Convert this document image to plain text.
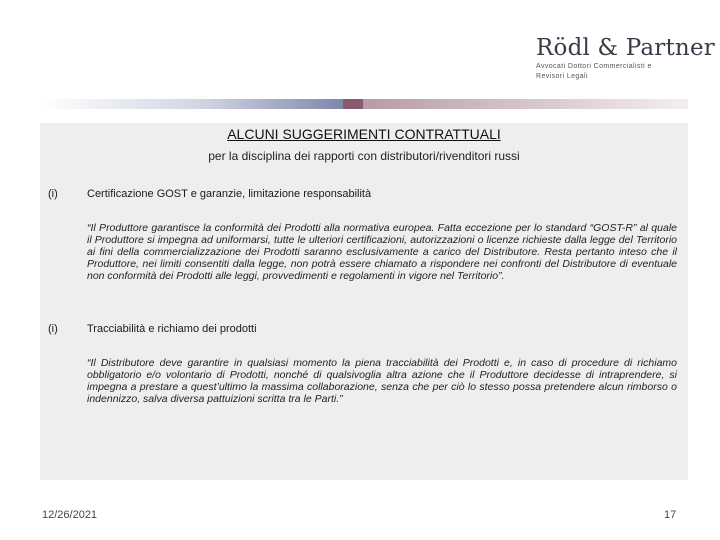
Rödl & Partner
Avvocati Dottori Commercialisti e
Revisori Legali
ALCUNI SUGGERIMENTI CONTRATTUALI
per la disciplina dei rapporti con distributori/rivenditori russi
(i)	Certificazione GOST e garanzie, limitazione responsabilità
“Il Produttore garantisce la conformità dei Prodotti alla normativa europea. Fatta eccezione per lo standard “GOST-R” al quale il Produttore si impegna ad uniformarsi, tutte le ulteriori certificazioni, autorizzazioni o licenze richieste dalla legge del Territorio ai fini della commercializzazione dei Prodotti saranno esclusivamente a carico del Distributore. Resta pertanto inteso che il Produttore, nei limiti consentiti dalla legge, non potrà essere chiamato a rispondere nei confronti del Distributore di eventuale non conformità dei Prodotti alle leggi, provvedimenti e regolamenti in vigore nel Territorio”.
(i)	Tracciabilità e richiamo dei prodotti
“Il Distributore deve garantire in qualsiasi momento la piena tracciabilità dei Prodotti e, in caso di procedure di richiamo obbligatorio e/o volontario di Prodotti, nonché di qualsivoglia altra azione che il Produttore decidesse di intraprendere, si impegna a prestare a quest’ultimo la massima collaborazione, senza che per ciò lo stesso possa pretendere alcun rimborso o indennizzo, salva diversa pattuizioni scritta tra le Parti.”
12/26/2021	17
